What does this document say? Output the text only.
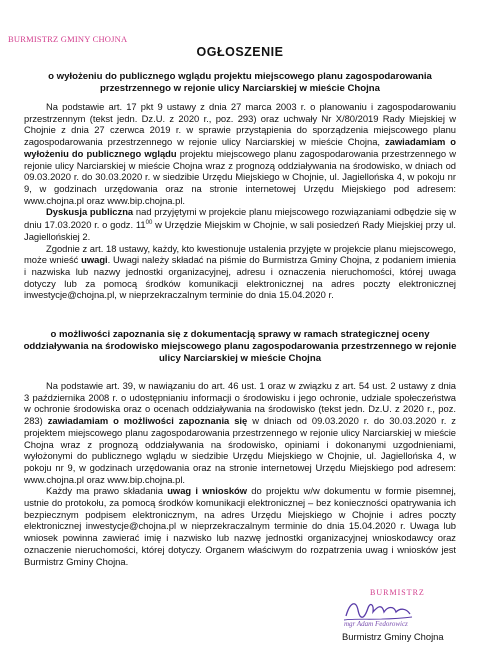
BURMISTRZ GMINY CHOJNA
OGŁOSZENIE
o wyłożeniu do publicznego wglądu projektu miejscowego planu zagospodarowania przestrzennego w rejonie ulicy Narciarskiej w mieście Chojna

Na podstawie art. 17 pkt 9 ustawy z dnia 27 marca 2003 r. o planowaniu i zagospodarowaniu przestrzennym (tekst jedn. Dz.U. z 2020 r., poz. 293) oraz uchwały Nr X/80/2019 Rady Miejskiej w Chojnie z dnia 27 czerwca 2019 r. w sprawie przystąpienia do sporządzenia miejscowego planu zagospodarowania przestrzennego w rejonie ulicy Narciarskiej w mieście Chojna, zawiadamiam o wyłożeniu do publicznego wglądu projektu miejscowego planu zagospodarowania przestrzennego w rejonie ulicy Narciarskiej w mieście Chojna wraz z prognozą oddziaływania na środowisko, w dniach od 09.03.2020 r. do 30.03.2020 r. w siedzibie Urzędu Miejskiego w Chojnie, ul. Jagiellońska 4, w pokoju nr 9, w godzinach urzędowania oraz na stronie internetowej Urzędu Miejskiego pod adresem: www.chojna.pl oraz www.bip.chojna.pl.

Dyskusja publiczna nad przyjętymi w projekcie planu miejscowego rozwiązaniami odbędzie się w dniu 17.03.2020 r. o godz. $11^{00}$ w Urzędzie Miejskim w Chojnie, w sali posiedzeń Rady Miejskiej przy ul. Jagiellońskiej 2.

Zgodnie z art. 18 ustawy, każdy, kto kwestionuje ustalenia przyjęte w projekcie planu miejscowego, może wnieść uwagi. Uwagi należy składać na piśmie do Burmistrza Gminy Chojna, z podaniem imienia i nazwiska lub nazwy jednostki organizacyjnej, adresu i oznaczenia nieruchomości, której uwaga dotyczy lub za pomocą środków komunikacji elektronicznej na adres poczty elektronicznej inwestycje@chojna.pl, w nieprzekraczalnym terminie do dnia 15.04.2020 r.

o możliwości zapoznania się z dokumentacją sprawy w ramach strategicznej oceny oddziaływania na środowisko miejscowego planu zagospodarowania przestrzennego w rejonie ulicy Narciarskiej w mieście Chojna

Na podstawie art. 39, w nawiązaniu do art. 46 ust. 1 oraz w związku z art. 54 ust. 2 ustawy z dnia 3 października 2008 r. o udostępnianiu informacji o środowisku i jego ochronie, udziale społeczeństwa w ochronie środowiska oraz o ocenach oddziaływania na środowisko (tekst jedn. Dz.U. z 2020 r., poz. 283) zawiadamiam o możliwości zapoznania się w dniach od 09.03.2020 r. do 30.03.2020 r. z projektem miejscowego planu zagospodarowania przestrzennego w rejonie ulicy Narciarskiej w mieście Chojna wraz z prognozą oddziaływania na środowisko, opiniami i dokonanymi uzgodnieniami, wyłożonymi do publicznego wglądu w siedzibie Urzędu Miejskiego w Chojnie, ul. Jagiellońska 4, w pokoju nr 9, w godzinach urzędowania oraz na stronie internetowej Urzędu Miejskiego pod adresem: www.chojna.pl oraz www.bip.chojna.pl.

Każdy ma prawo składania uwag i wniosków do projektu w/w dokumentu w formie pisemnej, ustnie do protokołu, za pomocą środków komunikacji elektronicznej – bez konieczności opatrywania ich bezpiecznym podpisem elektronicznym, na adres Urzędu Miejskiego w Chojnie i adres poczty elektronicznej inwestycje@chojna.pl w nieprzekraczalnym terminie do dnia 15.04.2020 r. Uwaga lub wniosek powinna zawierać imię i nazwisko lub nazwę jednostki organizacyjnej wnioskodawcy oraz oznaczenie nieruchomości, której dotyczy. Organem właściwym do rozpatrzenia uwag i wniosków jest Burmistrz Gminy Chojna.

BURMISTRZ
mgr Adam Fedorowicz
Burmistrz Gminy Chojna
